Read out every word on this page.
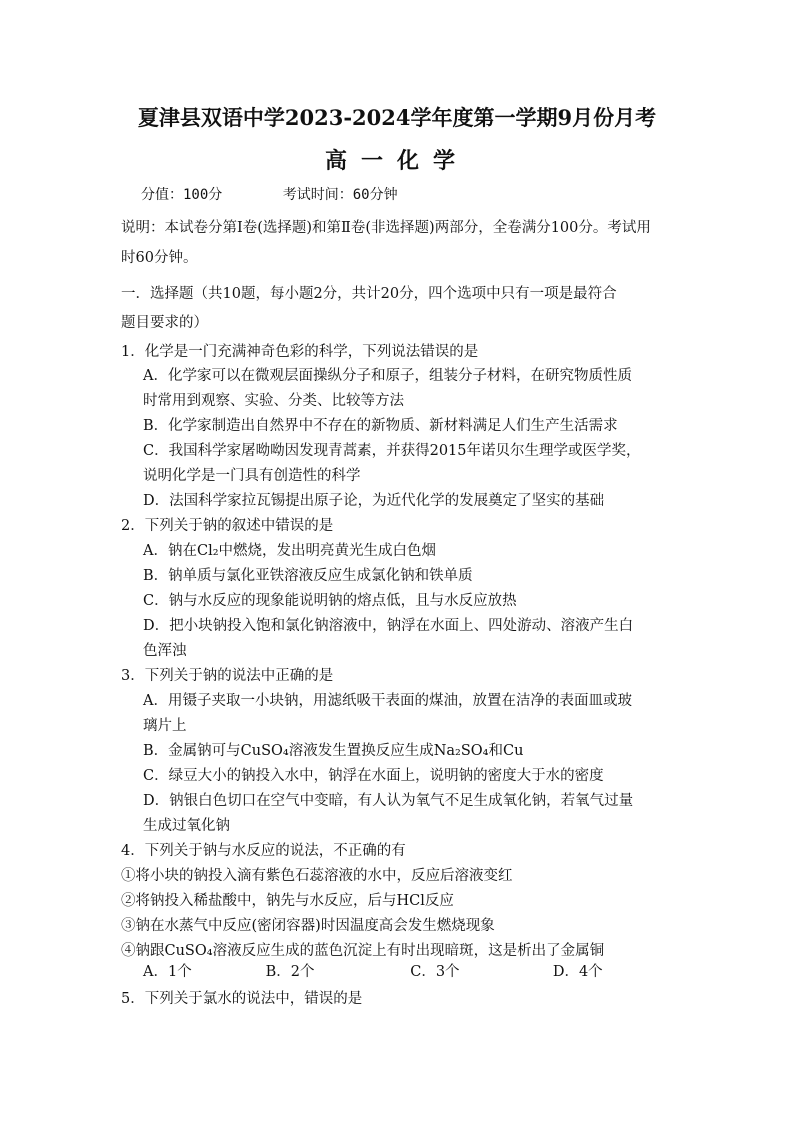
夏津县双语中学2023-2024学年度第一学期9月份月考
高一化学
分值：100分	考试时间：60分钟
说明：本试卷分第Ⅰ卷(选择题)和第Ⅱ卷(非选择题)两部分，全卷满分100分。考试用
时60分钟。
一．选择题（共10题，每小题2分，共计20分，四个选项中只有一项是最符合
题目要求的）
1．化学是一门充满神奇色彩的科学，下列说法错误的是
A．化学家可以在微观层面操纵分子和原子，组装分子材料，在研究物质性质
时常用到观察、实验、分类、比较等方法
B．化学家制造出自然界中不存在的新物质、新材料满足人们生产生活需求
C．我国科学家屠呦呦因发现青蒿素，并获得2015年诺贝尔生理学或医学奖，
说明化学是一门具有创造性的科学
D．法国科学家拉瓦锡提出原子论，为近代化学的发展奠定了坚实的基础
2．下列关于钠的叙述中错误的是
A．钠在Cl₂中燃烧，发出明亮黄光生成白色烟
B．钠单质与氯化亚铁溶液反应生成氯化钠和铁单质
C．钠与水反应的现象能说明钠的熔点低，且与水反应放热
D．把小块钠投入饱和氯化钠溶液中，钠浮在水面上、四处游动、溶液产生白
色浑浊
3．下列关于钠的说法中正确的是
A．用镊子夹取一小块钠，用滤纸吸干表面的煤油，放置在洁净的表面皿或玻
璃片上
B．金属钠可与CuSO₄溶液发生置换反应生成Na₂SO₄和Cu
C．绿豆大小的钠投入水中，钠浮在水面上，说明钠的密度大于水的密度
D．钠银白色切口在空气中变暗，有人认为氧气不足生成氧化钠，若氧气过量
生成过氧化钠
4．下列关于钠与水反应的说法，不正确的有
①将小块的钠投入滴有紫色石蕊溶液的水中，反应后溶液变红
②将钠投入稀盐酸中，钠先与水反应，后与HCl反应
③钠在水蒸气中反应(密闭容器)时因温度高会发生燃烧现象
④钠跟CuSO₄溶液反应生成的蓝色沉淀上有时出现暗斑，这是析出了金属铜
A．1个	B．2个	C．3个	D．4个
5．下列关于氯水的说法中，错误的是
